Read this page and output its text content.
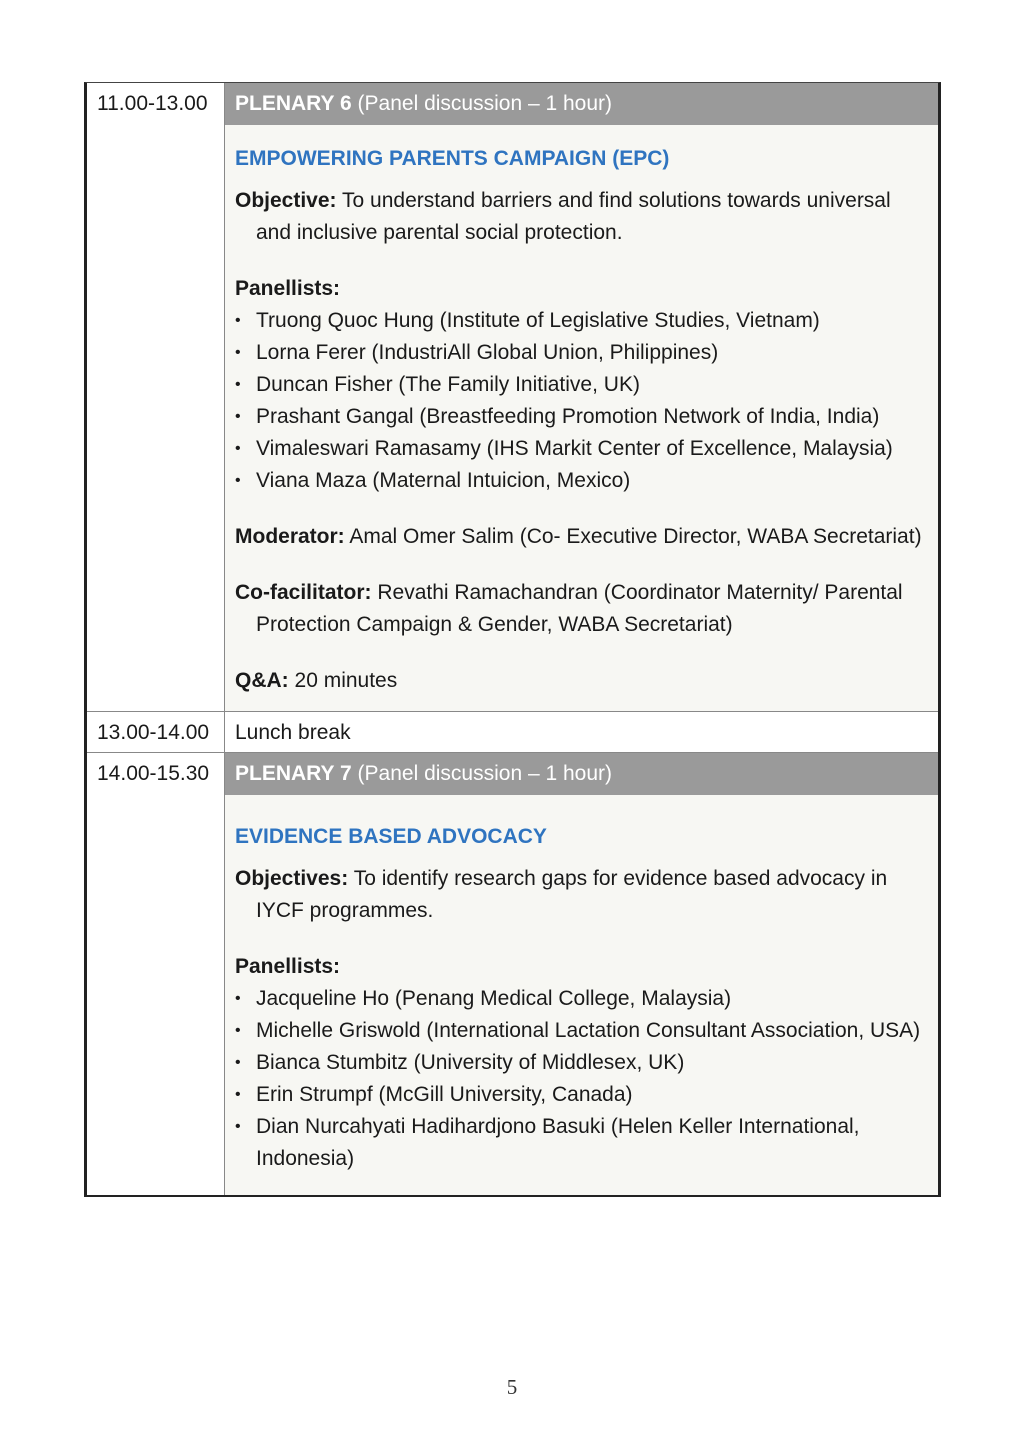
11.00-13.00	PLENARY 6 (Panel discussion – 1 hour)
EMPOWERING PARENTS CAMPAIGN (EPC)

Objective: To understand barriers and find solutions towards universal and inclusive parental social protection.

Panellists:

• Truong Quoc Hung (Institute of Legislative Studies, Vietnam)
• Lorna Ferer (IndustriAll Global Union, Philippines)
• Duncan Fisher (The Family Initiative, UK)
• Prashant Gangal (Breastfeeding Promotion Network of India, India)
• Vimaleswari Ramasamy (IHS Markit Center of Excellence, Malaysia)
• Viana Maza (Maternal Intuicion, Mexico)

Moderator: Amal Omer Salim (Co- Executive Director, WABA Secretariat)

Co-facilitator: Revathi Ramachandran (Coordinator Maternity/ Parental Protection Campaign & Gender, WABA Secretariat)

Q&A: 20 minutes

13.00-14.00	Lunch break
14.00-15.30	PLENARY 7 (Panel discussion – 1 hour)
EVIDENCE BASED ADVOCACY

Objectives: To identify research gaps for evidence based advocacy in IYCF programmes.

Panellists:

• Jacqueline Ho (Penang Medical College, Malaysia)
• Michelle Griswold (International Lactation Consultant Association, USA)
• Bianca Stumbitz (University of Middlesex, UK)
• Erin Strumpf (McGill University, Canada)
• Dian Nurcahyati Hadihardjono Basuki (Helen Keller International, Indonesia)
5
